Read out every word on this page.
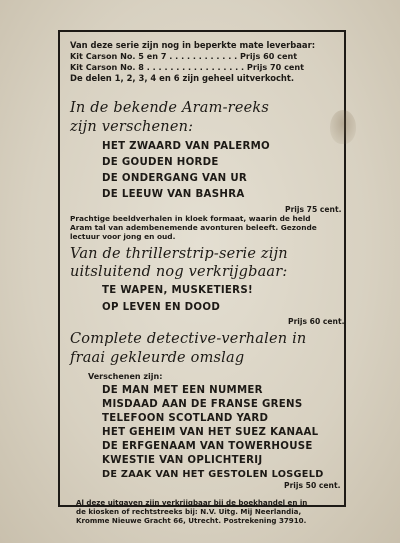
Van deze serie zijn nog in beperkte mate leverbaar:
Kit Carson No. 5 en 7 . . . . . . . . . . . . Prijs 60 cent
Kit Carson No. 8 . . . . . . . . . . . . . . . . . Prijs 70 cent
De delen 1, 2, 3, 4 en 6 zijn geheel uitverkocht.
In de bekende Aram-reeks
zijn verschenen:
HET ZWAARD VAN PALERMO
DE GOUDEN HORDE
DE ONDERGANG VAN UR
DE LEEUW VAN BASHRA
Prijs 75 cent.
Prachtige beeldverhalen in kloek formaat, waarin de held
Aram tal van adembenemende avonturen beleeft. Gezonde
lectuur voor jong en oud.
Van de thrillerstrip-serie zijn
uitsluitend nog verkrijgbaar:
TE WAPEN, MUSKETIERS!
OP LEVEN EN DOOD
Prijs 60 cent.
Complete detective-verhalen in
fraai gekleurde omslag
Verschenen zijn:
DE MAN MET EEN NUMMER
MISDAAD AAN DE FRANSE GRENS
TELEFOON SCOTLAND YARD
HET GEHEIM VAN HET SUEZ KANAAL
DE ERFGENAAM VAN TOWERHOUSE
KWESTIE VAN OPLICHTERIJ
DE ZAAK VAN HET GESTOLEN LOSGELD
Prijs 50 cent.
Al deze uitgaven zijn verkrijgbaar bij de boekhandel en in
de kiosken of rechtstreeks bij: N.V. Uitg. Mij Neerlandia,
Kromme Nieuwe Gracht 66, Utrecht. Postrekening 37910.
